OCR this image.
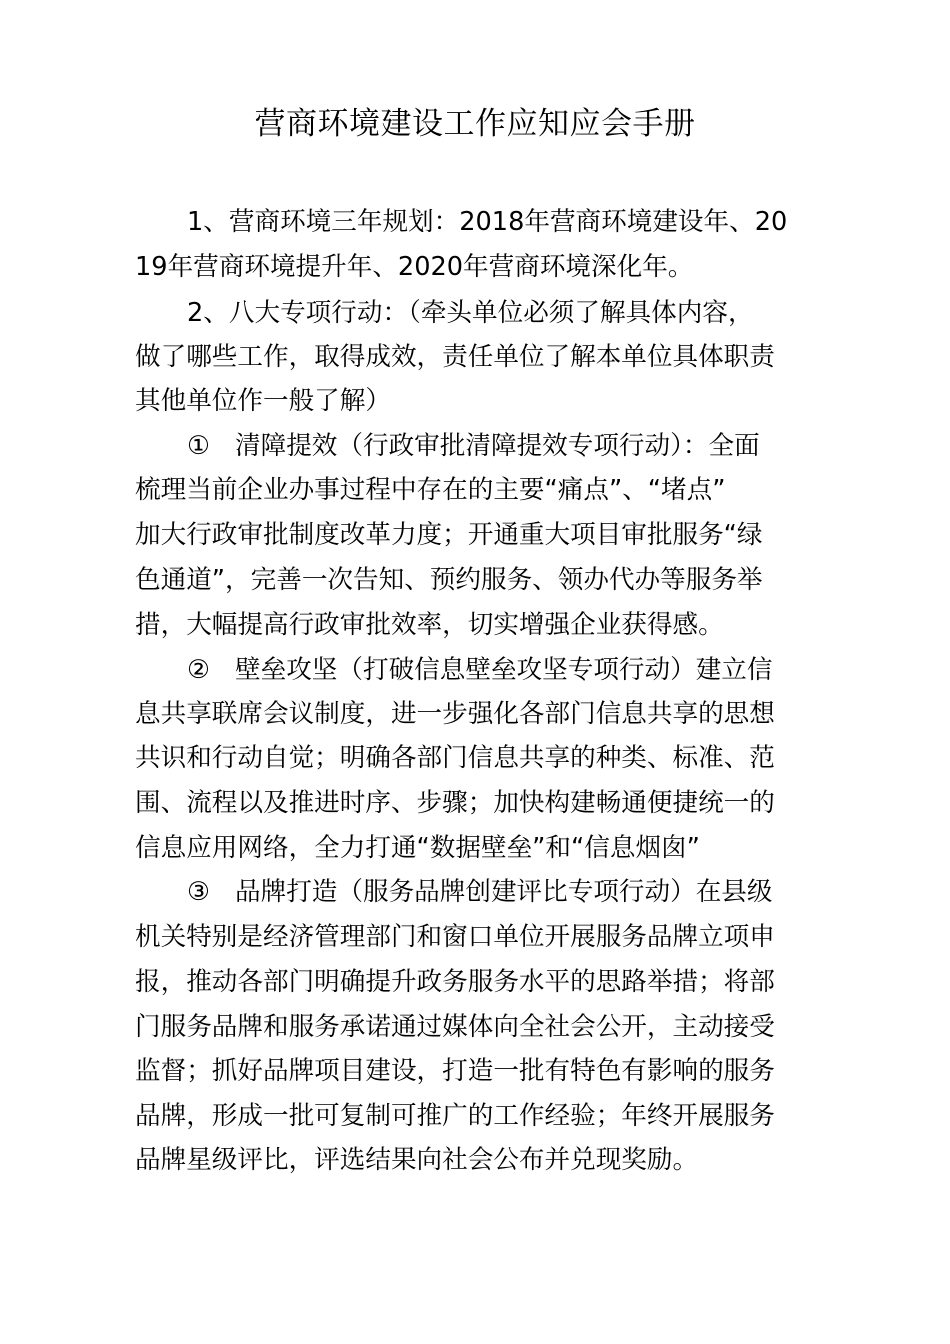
营商环境建设工作应知应会手册

1、营商环境三年规划：2018年营商环境建设年、20

19年营商环境提升年、2020年营商环境深化年。

2、八大专项行动：（牵头单位必须了解具体内容，

做了哪些工作，取得成效，责任单位了解本单位具体职责

其他单位作一般了解）

① 清障提效（行政审批清障提效专项行动）：全面

梳理当前企业办事过程中存在的主要“痛点”、“堵点”

加大行政审批制度改革力度；开通重大项目审批服务“绿

色通道”，完善一次告知、预约服务、领办代办等服务举

措，大幅提高行政审批效率，切实增强企业获得感。

② 壁垒攻坚（打破信息壁垒攻坚专项行动）建立信

息共享联席会议制度，进一步强化各部门信息共享的思想

共识和行动自觉；明确各部门信息共享的种类、标准、范

围、流程以及推进时序、步骤；加快构建畅通便捷统一的

信息应用网络，全力打通“数据壁垒”和“信息烟囱”

③ 品牌打造（服务品牌创建评比专项行动）在县级

机关特别是经济管理部门和窗口单位开展服务品牌立项申

报，推动各部门明确提升政务服务水平的思路举措；将部

门服务品牌和服务承诺通过媒体向全社会公开，主动接受

监督；抓好品牌项目建设，打造一批有特色有影响的服务

品牌，形成一批可复制可推广的工作经验；年终开展服务

品牌星级评比，评选结果向社会公布并兑现奖励。
